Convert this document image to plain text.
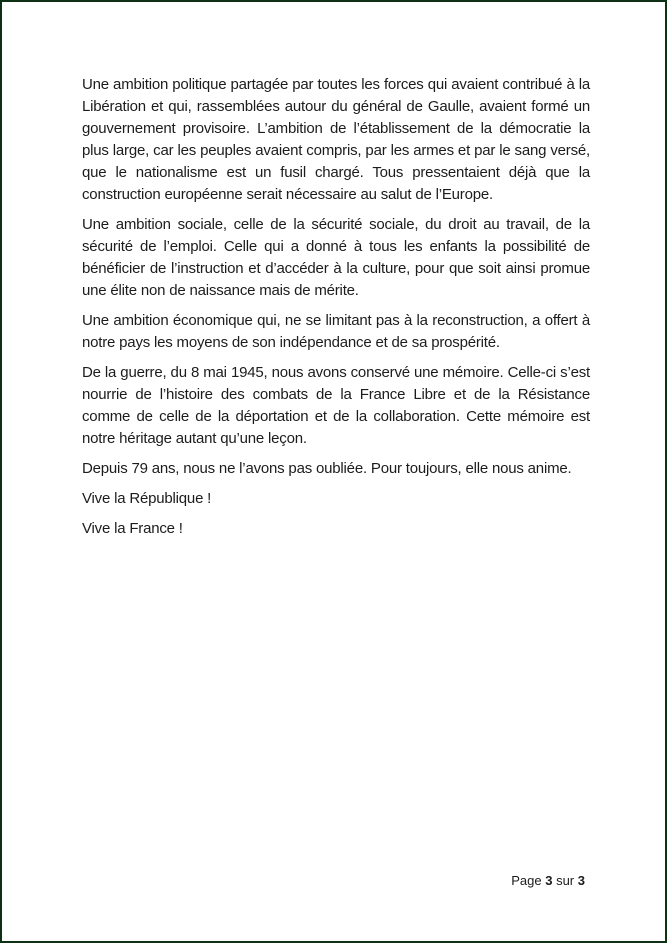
Une ambition politique partagée par toutes les forces qui avaient contribué à la Libération et qui, rassemblées autour du général de Gaulle, avaient formé un gouvernement provisoire. L’ambition de l’établissement de la démocratie la plus large, car les peuples avaient compris, par les armes et par le sang versé, que le nationalisme est un fusil chargé. Tous pressentaient déjà que la construction européenne serait nécessaire au salut de l’Europe.

Une ambition sociale, celle de la sécurité sociale, du droit au travail, de la sécurité de l’emploi. Celle qui a donné à tous les enfants la possibilité de bénéficier de l’instruction et d’accéder à la culture, pour que soit ainsi promue une élite non de naissance mais de mérite.

Une ambition économique qui, ne se limitant pas à la reconstruction, a offert à notre pays les moyens de son indépendance et de sa prospérité.

De la guerre, du 8 mai 1945, nous avons conservé une mémoire. Celle-ci s’est nourrie de l’histoire des combats de la France Libre et de la Résistance comme de celle de la déportation et de la collaboration. Cette mémoire est notre héritage autant qu’une leçon.

Depuis 79 ans, nous ne l’avons pas oubliée. Pour toujours, elle nous anime.

Vive la République !

Vive la France !

Page 3 sur 3
